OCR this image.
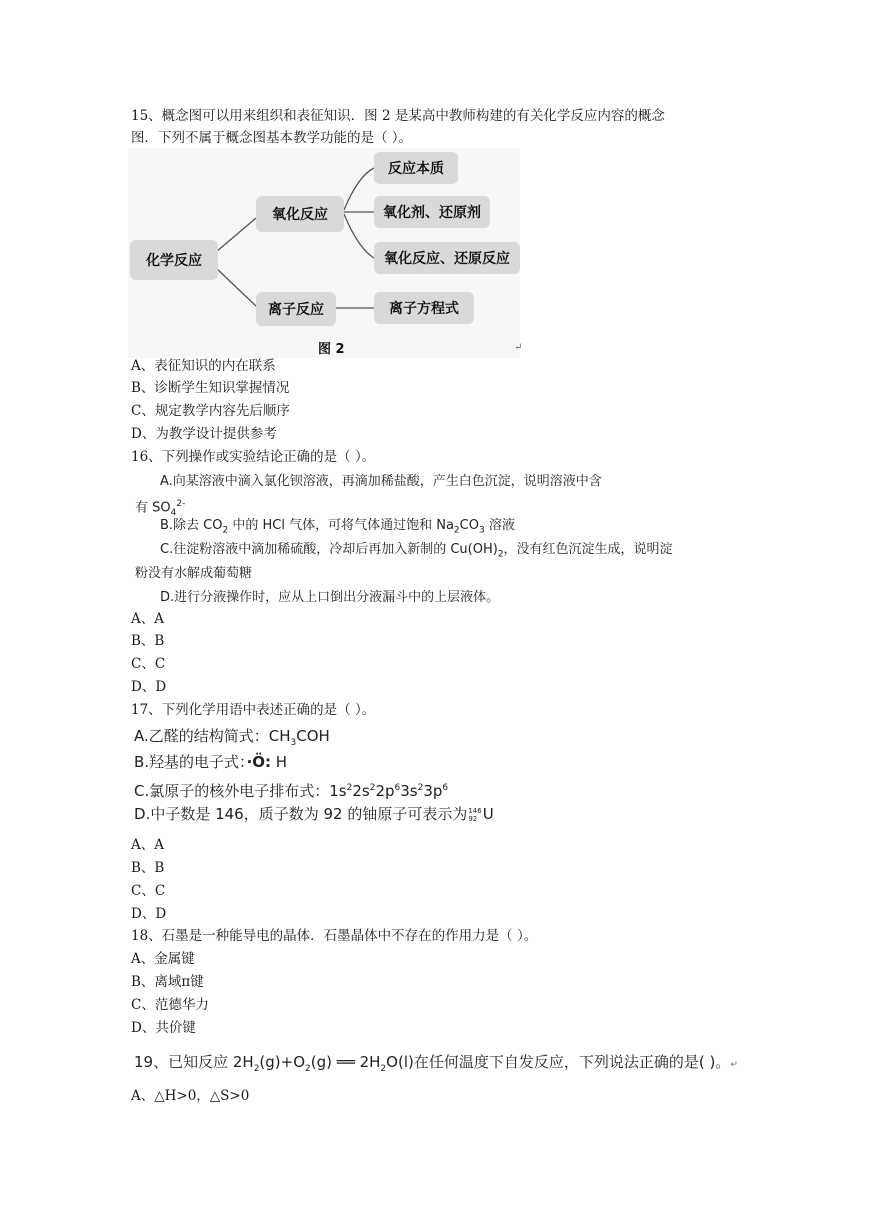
15、概念图可以用来组织和表征知识．图 2 是某高中教师构建的有关化学反应内容的概念
图．下列不属于概念图基本教学功能的是（ ）。
化学反应
氧化反应
离子反应
反应本质
氧化剂、还原剂
氧化反应、还原反应
离子方程式
图 2	↵
A、表征知识的内在联系
B、诊断学生知识掌握情况
C、规定教学内容先后顺序
D、为教学设计提供参考
16、下列操作或实验结论正确的是（ ）。
A.向某溶液中滴入氯化钡溶液，再滴加稀盐酸，产生白色沉淀，说明溶液中含
有 $SO_4^{2-}$
B.除去 $CO_2$ 中的 HCl 气体，可将气体通过饱和 $Na_2CO_3$ 溶液
C.往淀粉溶液中滴加稀硫酸，冷却后再加入新制的 $Cu(OH)_2$，没有红色沉淀生成，说明淀
粉没有水解成葡萄糖
D.进行分液操作时，应从上口倒出分液漏斗中的上层液体。
A、A
B、B
C、C
D、D
17、下列化学用语中表述正确的是（ ）。
A.乙醛的结构简式：$CH_3COH$
B.羟基的电子式：·Ö: H
C.氯原子的核外电子排布式：$1s^22s^22p^63s^23p^6$
D.中子数是 146，质子数为 92 的铀原子可表示为 146
92 U
A、A
B、B
C、C
D、D
18、石墨是一种能导电的晶体．石墨晶体中不存在的作用力是（ ）。
A、金属键
B、离域π键
C、范德华力
D、共价键
19、已知反应 $2H_2(g)+O_2(g)$ ══ $2H_2O(l)$在任何温度下自发反应，下列说法正确的是( )。↵
A、△H>0，△S>0
